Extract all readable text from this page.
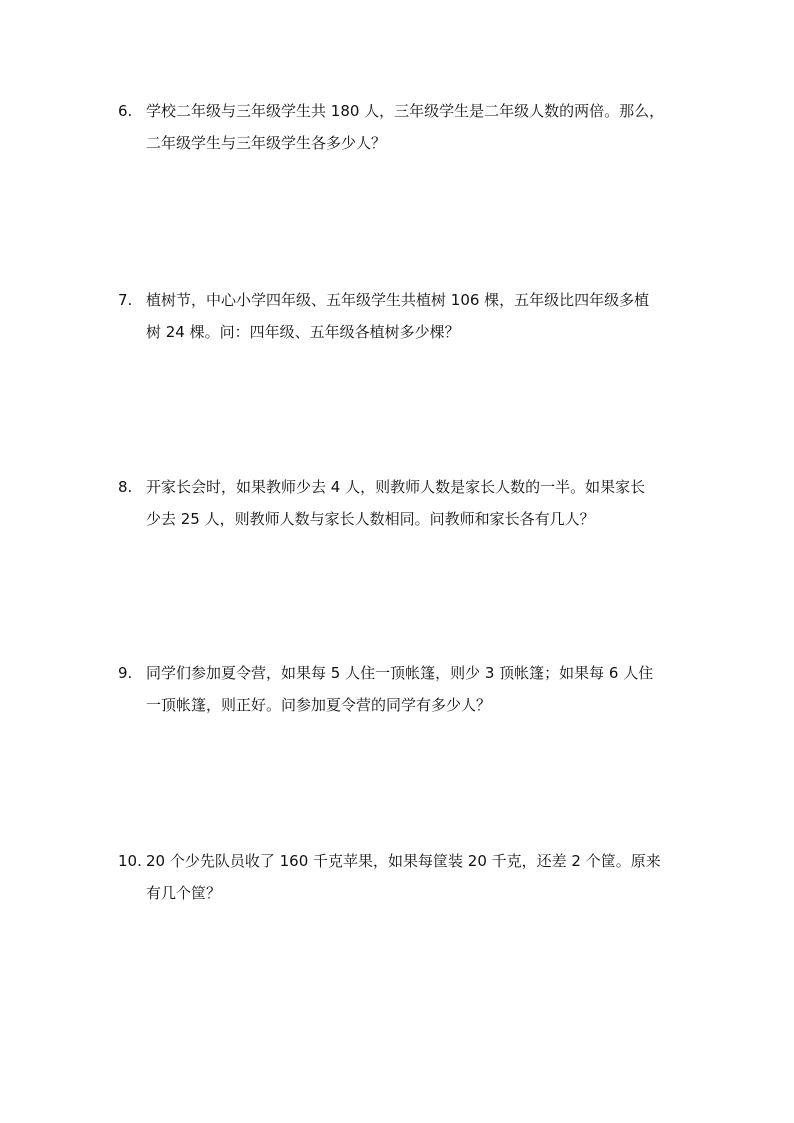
6. 学校二年级与三年级学生共 180 人，三年级学生是二年级人数的两倍。那么，
二年级学生与三年级学生各多少人？
7. 植树节，中心小学四年级、五年级学生共植树 106 棵，五年级比四年级多植
树 24 棵。问：四年级、五年级各植树多少棵？
8. 开家长会时，如果教师少去 4 人，则教师人数是家长人数的一半。如果家长
少去 25 人，则教师人数与家长人数相同。问教师和家长各有几人？
9. 同学们参加夏令营，如果每 5 人住一顶帐篷，则少 3 顶帐篷；如果每 6 人住
一顶帐篷，则正好。问参加夏令营的同学有多少人？
10. 20 个少先队员收了 160 千克苹果，如果每筐装 20 千克，还差 2 个筐。原来
有几个筐？
